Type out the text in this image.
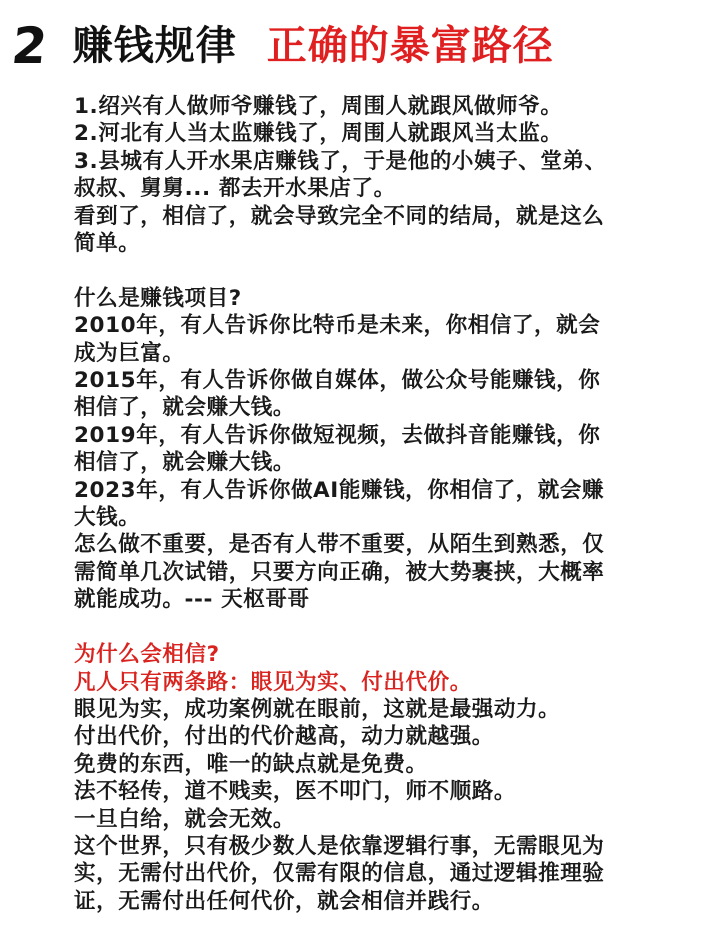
2 赚钱规律 正确的暴富路径
1.绍兴有人做师爷赚钱了，周围人就跟风做师爷。
2.河北有人当太监赚钱了，周围人就跟风当太监。
3.县城有人开水果店赚钱了，于是他的小姨子、堂弟、
叔叔、舅舅... 都去开水果店了。
看到了，相信了，就会导致完全不同的结局，就是这么
简单。
什么是赚钱项目?
2010年，有人告诉你比特币是未来，你相信了，就会
成为巨富。
2015年，有人告诉你做自媒体，做公众号能赚钱，你
相信了，就会赚大钱。
2019年，有人告诉你做短视频，去做抖音能赚钱，你
相信了，就会赚大钱。
2023年，有人告诉你做AI能赚钱，你相信了，就会赚
大钱。
怎么做不重要，是否有人带不重要，从陌生到熟悉，仅
需简单几次试错，只要方向正确，被大势裹挟，大概率
就能成功。--- 天枢哥哥
为什么会相信?
凡人只有两条路：眼见为实、付出代价。
眼见为实，成功案例就在眼前，这就是最强动力。
付出代价，付出的代价越高，动力就越强。
免费的东西，唯一的缺点就是免费。
法不轻传，道不贱卖，医不叩门，师不顺路。
一旦白给，就会无效。
这个世界，只有极少数人是依靠逻辑行事，无需眼见为
实，无需付出代价，仅需有限的信息，通过逻辑推理验
证，无需付出任何代价，就会相信并践行。
